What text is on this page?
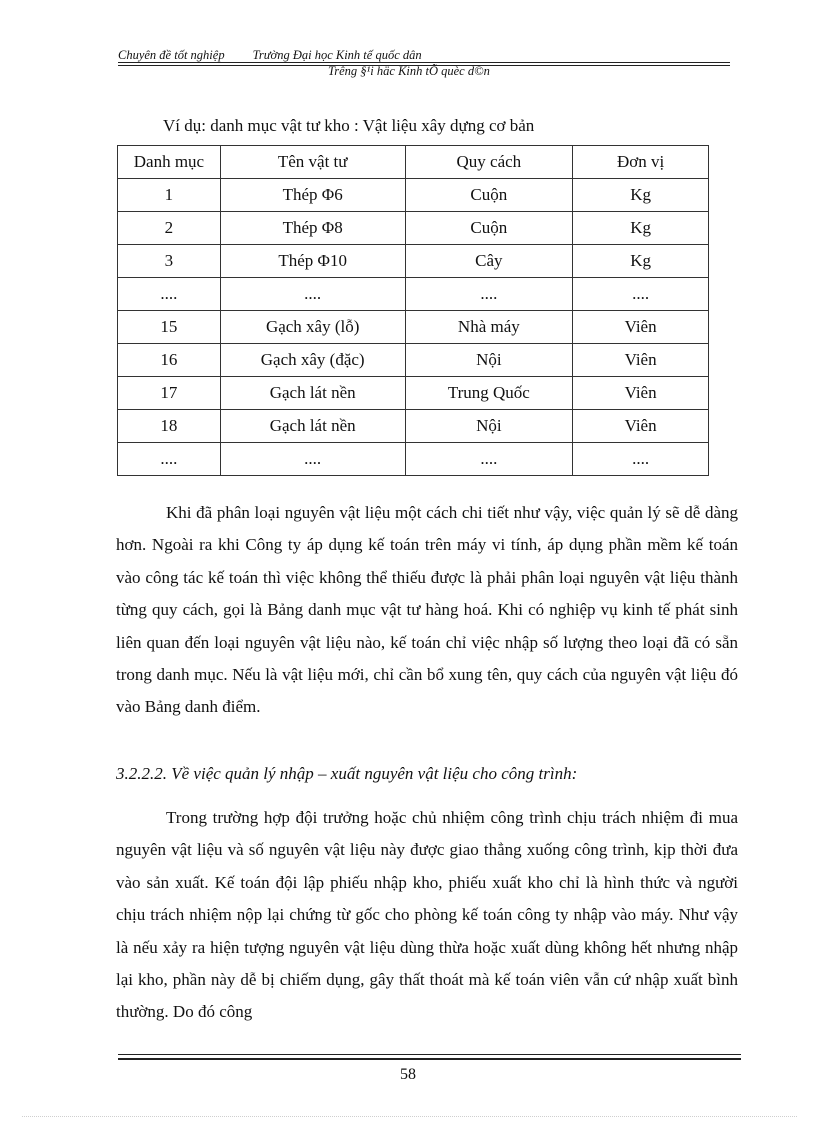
Chuyên đề tốt nghiệp Trường Đại học Kinh tế quốc dân
Trêng §¹i häc Kinh tÕ quèc d©n
Ví dụ: danh mục vật tư kho : Vật liệu xây dựng cơ bản
Danh mục	Tên vật tư	Quy cách	Đơn vị
1	Thép Φ6	Cuộn	Kg
2	Thép Φ8	Cuộn	Kg
3	Thép Φ10	Cây	Kg
....	....	....	....
15	Gạch xây (lỗ)	Nhà máy	Viên
16	Gạch xây (đặc)	Nội	Viên
17	Gạch lát nền	Trung Quốc	Viên
18	Gạch lát nền	Nội	Viên
....	....	....	....

Khi đã phân loại nguyên vật liệu một cách chi tiết như vậy, việc quản lý sẽ dễ dàng hơn. Ngoài ra khi Công ty áp dụng kế toán trên máy vi tính, áp dụng phần mềm kế toán vào công tác kế toán thì việc không thể thiếu được là phải phân loại nguyên vật liệu thành từng quy cách, gọi là Bảng danh mục vật tư hàng hoá. Khi có nghiệp vụ kinh tế phát sinh liên quan đến loại nguyên vật liệu nào, kế toán chỉ việc nhập số lượng theo loại đã có sẵn trong danh mục. Nếu là vật liệu mới, chỉ cần bổ xung tên, quy cách của nguyên vật liệu đó vào Bảng danh điểm.

3.2.2.2. Về việc quản lý nhập – xuất nguyên vật liệu cho công trình:

Trong trường hợp đội trưởng hoặc chủ nhiệm công trình chịu trách nhiệm đi mua nguyên vật liệu và số nguyên vật liệu này được giao thẳng xuống công trình, kịp thời đưa vào sản xuất. Kế toán đội lập phiếu nhập kho, phiếu xuất kho chỉ là hình thức và người chịu trách nhiệm nộp lại chứng từ gốc cho phòng kế toán công ty nhập vào máy. Như vậy là nếu xảy ra hiện tượng nguyên vật liệu dùng thừa hoặc xuất dùng không hết nhưng nhập lại kho, phần này dễ bị chiếm dụng, gây thất thoát mà kế toán viên vẫn cứ nhập xuất bình thường. Do đó công

58
